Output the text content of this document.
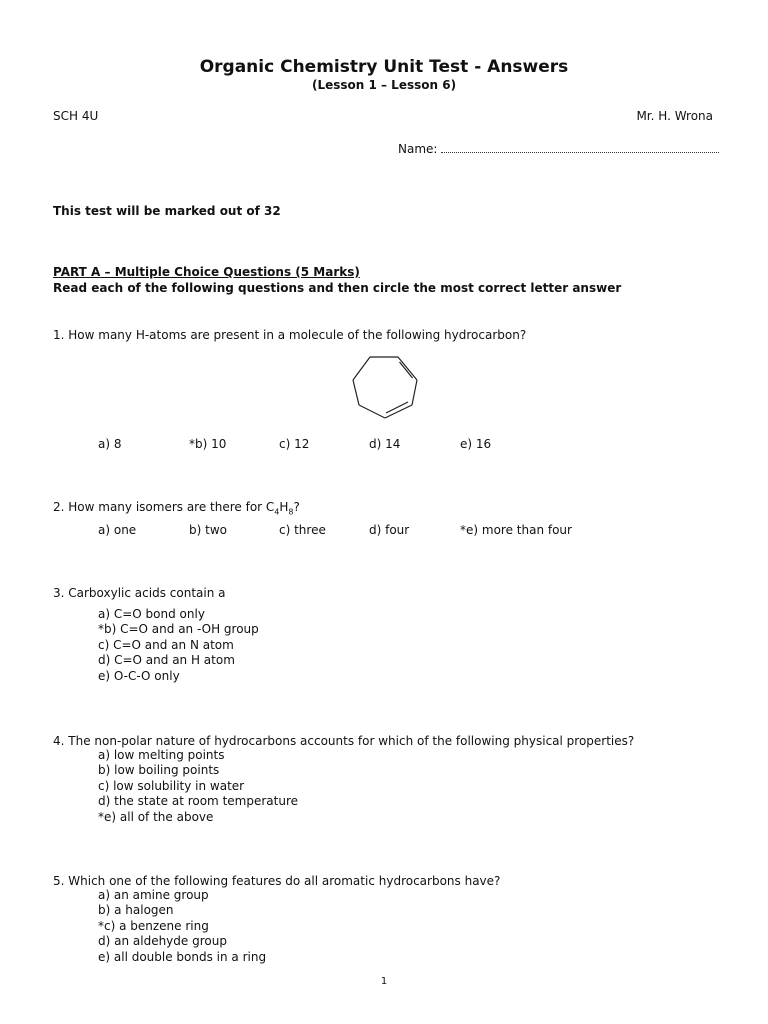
Organic Chemistry Unit Test - Answers
(Lesson 1 – Lesson 6)
SCH 4U	Mr. H. Wrona
Name:
This test will be marked out of 32
PART A – Multiple Choice Questions (5 Marks)
Read each of the following questions and then circle the most correct letter answer
1. How many H-atoms are present in a molecule of the following hydrocarbon?
a) 8	*b) 10	c) 12	d) 14	e) 16
2. How many isomers are there for $C_4H_8$?
a) one	b) two	c) three	d) four	*e) more than four
3. Carboxylic acids contain a
a) C=O bond only
*b) C=O and an -OH group
c) C=O and an N atom
d) C=O and an H atom
e) O-C-O only
4. The non-polar nature of hydrocarbons accounts for which of the following physical properties?
a) low melting points
b) low boiling points
c) low solubility in water
d) the state at room temperature
*e) all of the above
5. Which one of the following features do all aromatic hydrocarbons have?
a) an amine group
b) a halogen
*c) a benzene ring
d) an aldehyde group
e) all double bonds in a ring
1
